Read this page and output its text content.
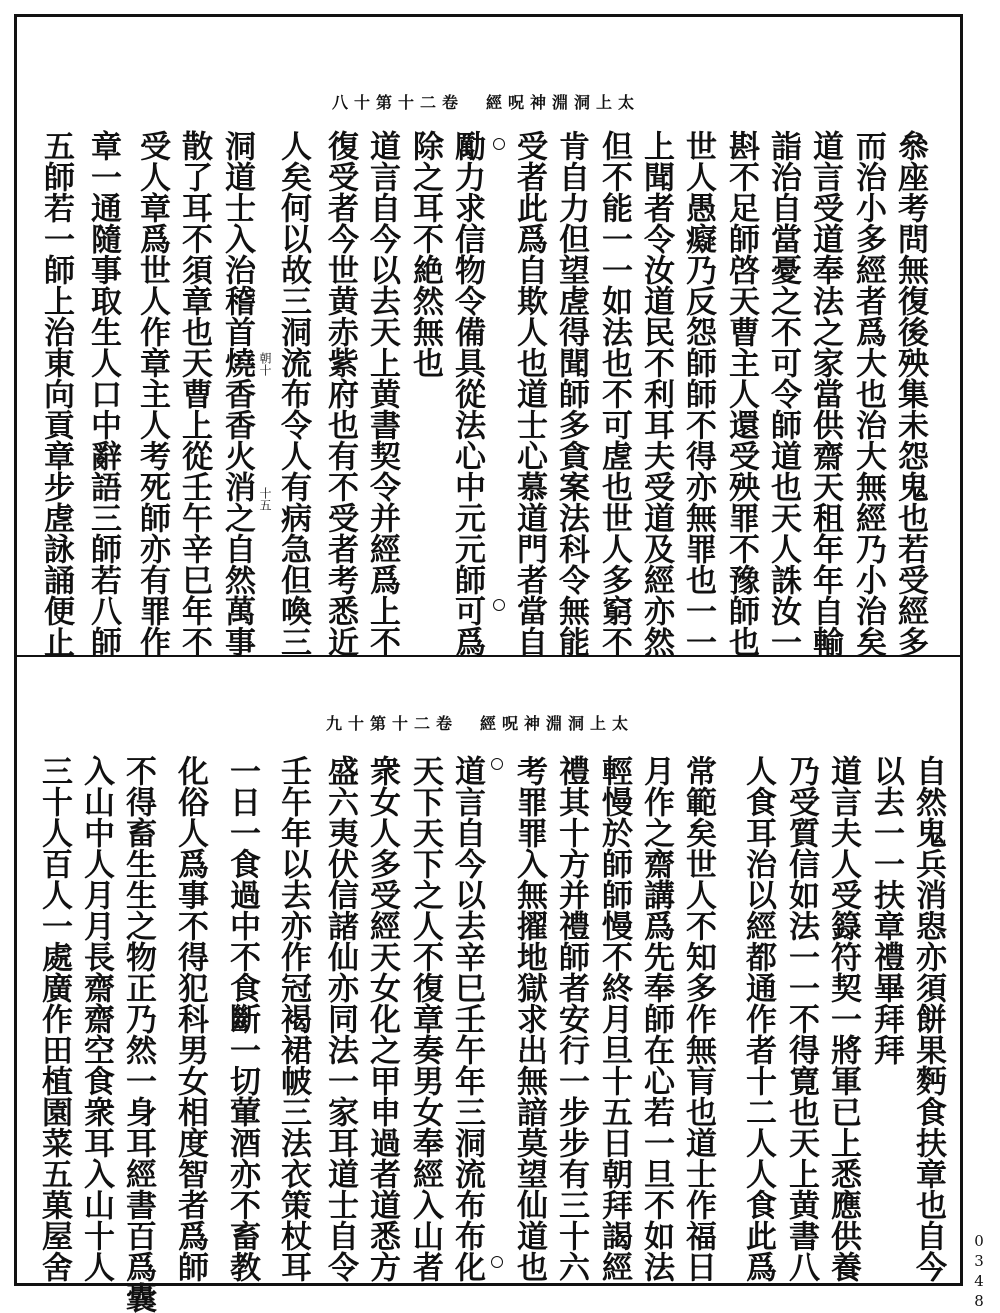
八十第十二卷　經呪神淵洞上太
叅座考問無復後殃集未怨鬼也若受經多
而治小多經者爲大也治大無經乃小治矣
道言受道奉法之家當供齋天租年年自輸
詣治自當憂之不可令師道也天人誅汝一
斟不足師啓天曹主人還受殃罪不豫師也
世人愚癡乃反怨師師不得亦無罪也一一
上聞者令汝道民不利耳夫受道及經亦然
但不能一一如法也不可虗也世人多窮不
肯自力但望虗得聞師多貪案法科令無能
受者此爲自欺人也道士心慕道門者當自
勵力求信物令備具從法心中元元師可爲
除之耳不絶然無也
道言自今以去天上黄書契令并經爲上不
復受者今世黄赤紫府也有不受者考悉近
人矣何以故三洞流布令人有病急但喚三
洞道士入治稽首燒香香火消之自然萬事
散了耳不須章也天曹上從壬午辛巳年不
受人章爲世人作章主人考死師亦有罪作
章一通隨事取生人口中辭語三師若八師
五師若一師上治東向貢章步虗詠誦便止	十五
朝十
九十第十二卷　經呪神淵洞上太
自然鬼兵消惥亦須餅果麪食扶章也自今
以去一一扶章禮畢拜拜
道言夫人受籙符契一將軍已上悉應供養
乃受質信如法一一不得寛也天上黄書八
人食耳治以經都通作者十二人人食此爲
常範矣世人不知多作無肓也道士作福日
月作之齋講爲先奉師在心若一旦不如法
輕慢於師師慢不終月旦十五日朝拜謁經
禮其十方并禮師者安行一步步有三十六
考罪罪入無擢地獄求出無諳莫望仙道也
道言自今以去辛巳壬午年三洞流布布化
天下天下之人不復章奏男女奉經入山者
衆女人多受經天女化之甲申過者道悉方
盛六夷伏信諸仙亦同法一家耳道士自令
壬午年以去亦作冠褐裙帔三法衣策杖耳
一日一食過中不食斷一切葷酒亦不畜教
化俗人爲事不得犯科男女相度智者爲師
不得畜生生之物正乃然一身耳經書百爲囊
入山中人月月長齋齋空食衆耳入山十人
三十人百人一處廣作田植園菜五菓屋舍	0348
